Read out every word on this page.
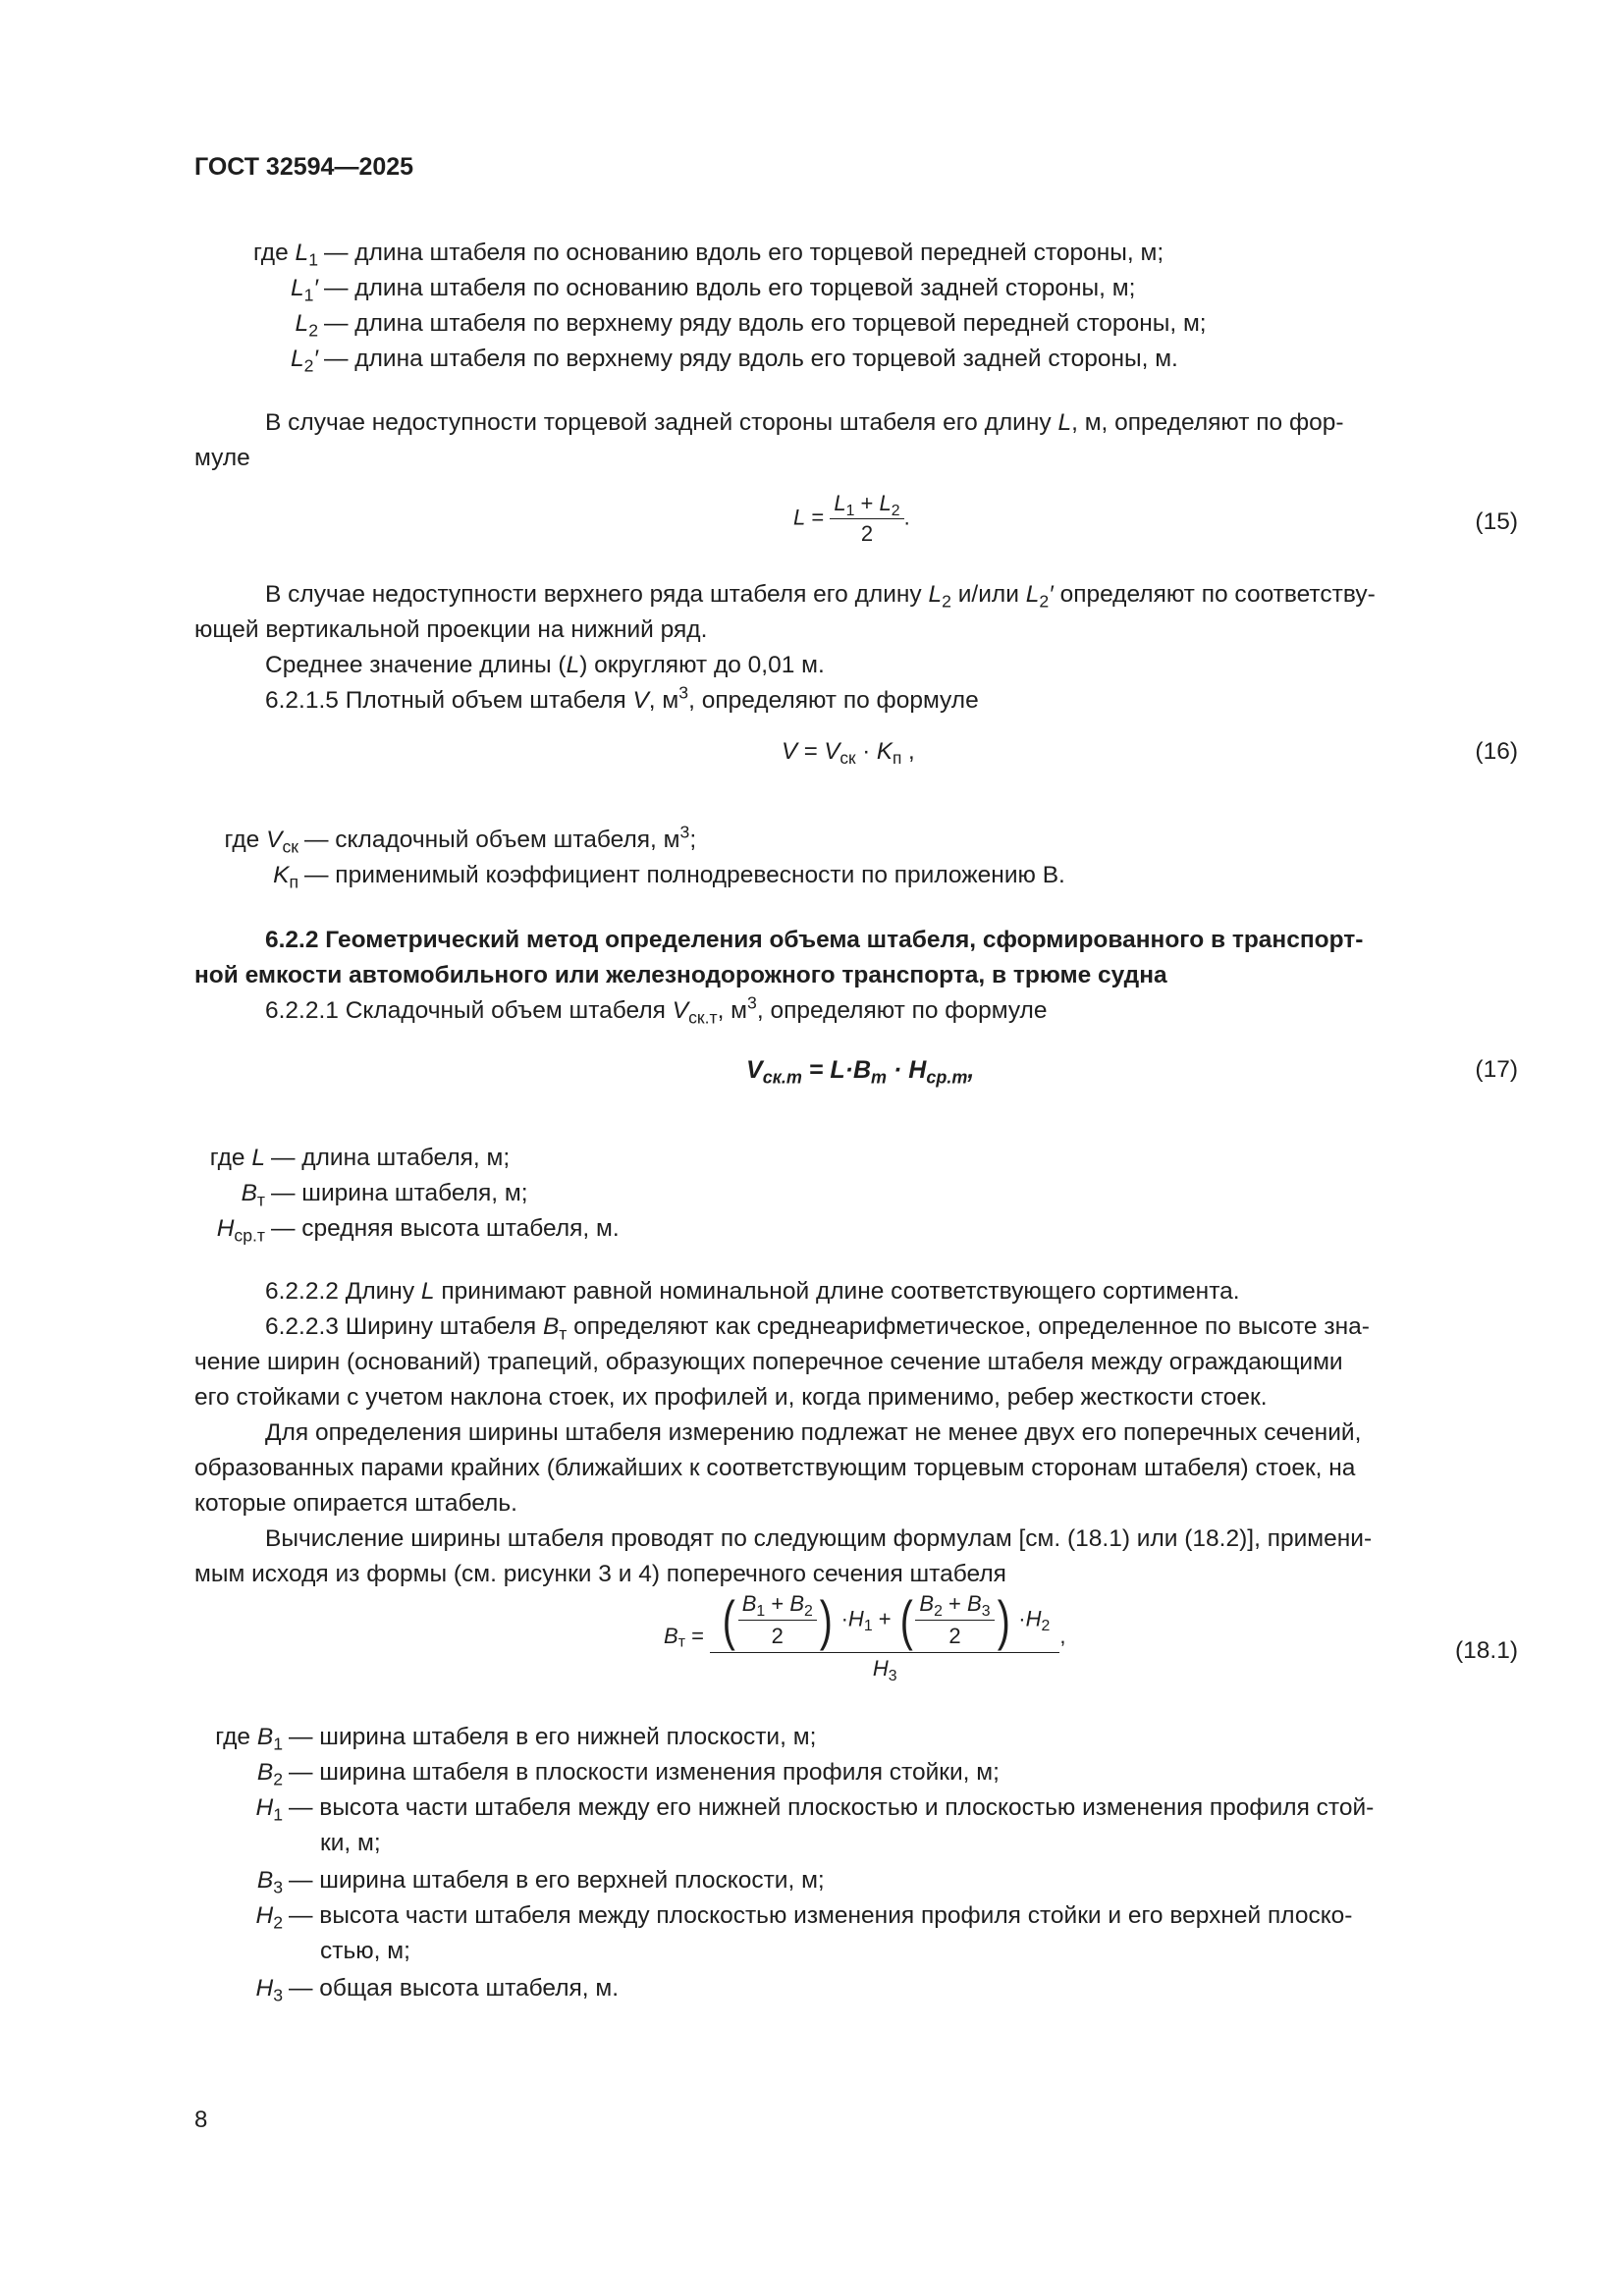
ГОСТ 32594—2025
где $L_1$ — длина штабеля по основанию вдоль его торцевой передней стороны, м;
$L_1'$ — длина штабеля по основанию вдоль его торцевой задней стороны, м;
$L_2$ — длина штабеля по верхнему ряду вдоль его торцевой передней стороны, м;
$L_2'$ — длина штабеля по верхнему ряду вдоль его торцевой задней стороны, м.
В случае недоступности торцевой задней стороны штабеля его длину L, м, определяют по фор-
муле
$L = \frac{L_1 + L_2}{2}$ .	(15)
В случае недоступности верхнего ряда штабеля его длину $L_2$ и/или $L_2'$ определяют по соответству-
ющей вертикальной проекции на нижний ряд.
Среднее значение длины (L) округляют до 0,01 м.
6.2.1.5 Плотный объем штабеля V, $м^3$, определяют по формуле
$V = V_{ск} \cdot K_п$ ,	(16)
где $V_{ск}$ — складочный объем штабеля, $м^3$;
$K_п$ — применимый коэффициент полнодревесности по приложению В.
6.2.2 Геометрический метод определения объема штабеля, сформированного в транспорт-
ной емкости автомобильного или железнодорожного транспорта, в трюме судна
6.2.2.1 Складочный объем штабеля $V_{ск.т}$, $м^3$, определяют по формуле
$V_{ск.т} = L\cdot B_т \cdot H_{ср.т}$,	(17)
где L — длина штабеля, м;
$B_т$ — ширина штабеля, м;
$H_{ср.т}$ — средняя высота штабеля, м.
6.2.2.2 Длину L принимают равной номинальной длине соответствующего сортимента.
6.2.2.3 Ширину штабеля $B_т$ определяют как среднеарифметическое, определенное по высоте зна-
чение ширин (оснований) трапеций, образующих поперечное сечение штабеля между ограждающими
его стойками с учетом наклона стоек, их профилей и, когда применимо, ребер жесткости стоек.
Для определения ширины штабеля измерению подлежат не менее двух его поперечных сечений,
образованных парами крайних (ближайших к соответствующим торцевым сторонам штабеля) стоек, на
которые опирается штабель.
Вычисление ширины штабеля проводят по следующим формулам [см. (18.1) или (18.2)], примени-
мым исходя из формы (см. рисунки 3 и 4) поперечного сечения штабеля
$B_т = \frac{( \frac{B_1 + B_2}{2} ) \cdot H_1 + ( \frac{B_2 + B_3}{2} ) \cdot H_2}{H_3}$ ,
(18.1)
где $B_1$ — ширина штабеля в его нижней плоскости, м;
$B_2$ — ширина штабеля в плоскости изменения профиля стойки, м;
$H_1$ — высота части штабеля между его нижней плоскостью и плоскостью изменения профиля стой-
ки, м;
$B_3$ — ширина штабеля в его верхней плоскости, м;
$H_2$ — высота части штабеля между плоскостью изменения профиля стойки и его верхней плоско-
стью, м;
$H_3$ — общая высота штабеля, м.
8
